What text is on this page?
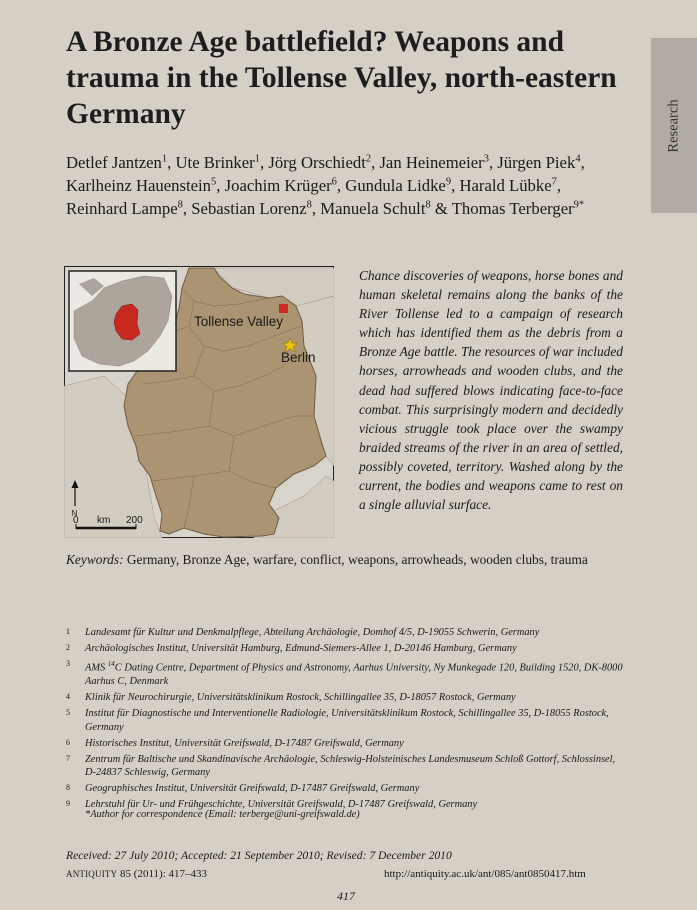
A Bronze Age battlefield? Weapons and trauma in the Tollense Valley, north-eastern Germany	Research

Detlef Jantzen$^1$, Ute Brinker$^1$, Jörg Orschiedt$^2$, Jan Heinemeier$^3$, Jürgen Piek$^4$, Karlheinz Hauenstein$^5$, Joachim Krüger$^6$, Gundula Lidke$^9$, Harald Lübke$^7$, Reinhard Lampe$^8$, Sebastian Lorenz$^8$, Manuela Schult$^8$ & Thomas Terberger$^{9*}$

Tollense Valley
Berlin
N
0 km 200

Chance discoveries of weapons, horse bones and human skeletal remains along the banks of the River Tollense led to a campaign of research which has identified them as the debris from a Bronze Age battle. The resources of war included horses, arrowheads and wooden clubs, and the dead had suffered blows indicating face-to-face combat. This surprisingly modern and decidedly vicious struggle took place over the swampy braided streams of the river in an area of settled, possibly coveted, territory. Washed along by the current, the bodies and weapons came to rest on a single alluvial surface.

Keywords: Germany, Bronze Age, warfare, conflict, weapons, arrowheads, wooden clubs, trauma

1 Landesamt für Kultur und Denkmalpflege, Abteilung Archäologie, Domhof 4/5, D-19055 Schwerin, Germany
2 Archäologisches Institut, Universität Hamburg, Edmund-Siemers-Allee 1, D-20146 Hamburg, Germany
3 AMS $^{14}$C Dating Centre, Department of Physics and Astronomy, Aarhus University, Ny Munkegade 120, Building 1520, DK-8000 Aarhus C, Denmark
4 Klinik für Neurochirurgie, Universitätsklinikum Rostock, Schillingallee 35, D-18057 Rostock, Germany
5 Institut für Diagnostische und Interventionelle Radiologie, Universitätsklinikum Rostock, Schillingallee 35, D-18055 Rostock, Germany
6 Historisches Institut, Universität Greifswald, D-17487 Greifswald, Germany
7 Zentrum für Baltische und Skandinavische Archäologie, Schleswig-Holsteinisches Landesmuseum Schloß Gottorf, Schlossinsel, D-24837 Schleswig, Germany
8 Geographisches Institut, Universität Greifswald, D-17487 Greifswald, Germany
9 Lehrstuhl für Ur- und Frühgeschichte, Universität Greifswald, D-17487 Greifswald, Germany

*Author for correspondence (Email: terberge@uni-greifswald.de)

Received: 27 July 2010; Accepted: 21 September 2010; Revised: 7 December 2010

ANTIQUITY 85 (2011): 417–433	http://antiquity.ac.uk/ant/085/ant0850417.htm

417
